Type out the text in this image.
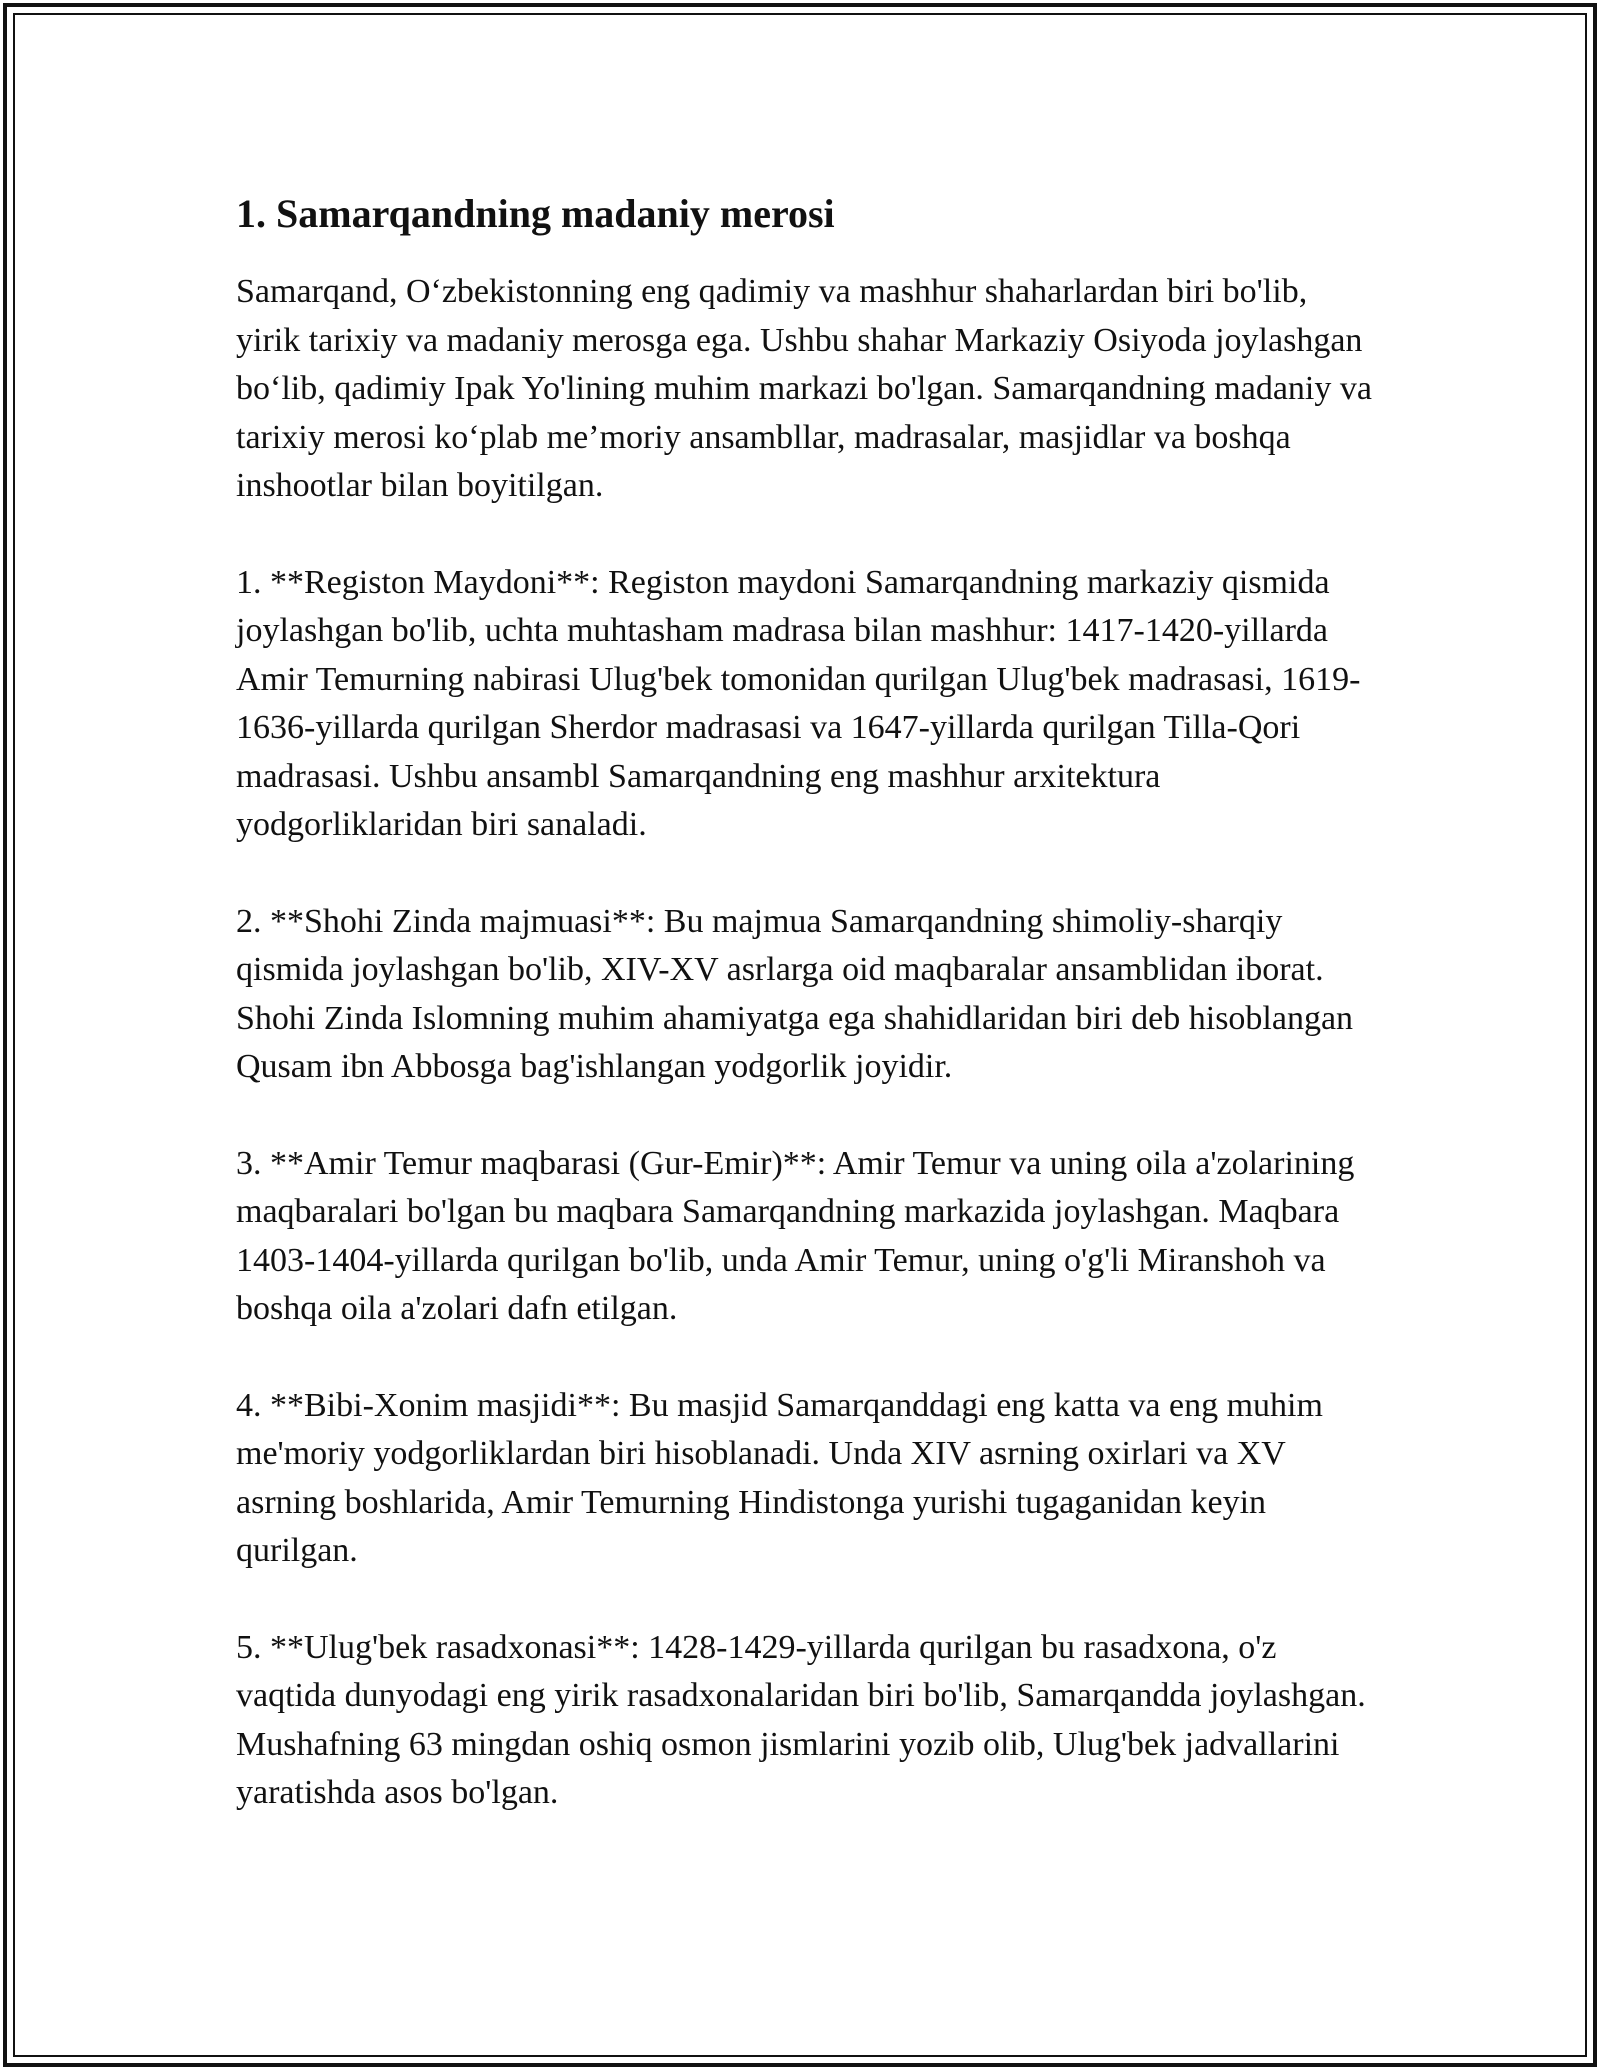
1. Samarqandning madaniy merosi

Samarqand, O‘zbekistonning eng qadimiy va mashhur shaharlardan biri bo'lib, yirik tarixiy va madaniy merosga ega. Ushbu shahar Markaziy Osiyoda joylashgan bo‘lib, qadimiy Ipak Yo'lining muhim markazi bo'lgan. Samarqandning madaniy va tarixiy merosi ko‘plab me’moriy ansambllar, madrasalar, masjidlar va boshqa inshootlar bilan boyitilgan.

1. **Registon Maydoni**: Registon maydoni Samarqandning markaziy qismida joylashgan bo'lib, uchta muhtasham madrasa bilan mashhur: 1417-1420-yillarda Amir Temurning nabirasi Ulug'bek tomonidan qurilgan Ulug'bek madrasasi, 1619-1636-yillarda qurilgan Sherdor madrasasi va 1647-yillarda qurilgan Tilla-Qori madrasasi. Ushbu ansambl Samarqandning eng mashhur arxitektura yodgorliklaridan biri sanaladi.

2. **Shohi Zinda majmuasi**: Bu majmua Samarqandning shimoliy-sharqiy qismida joylashgan bo'lib, XIV-XV asrlarga oid maqbaralar ansamblidan iborat. Shohi Zinda Islomning muhim ahamiyatga ega shahidlaridan biri deb hisoblangan Qusam ibn Abbosga bag'ishlangan yodgorlik joyidir.

3. **Amir Temur maqbarasi (Gur-Emir)**: Amir Temur va uning oila a'zolarining maqbaralari bo'lgan bu maqbara Samarqandning markazida joylashgan. Maqbara 1403-1404-yillarda qurilgan bo'lib, unda Amir Temur, uning o'g'li Miranshoh va boshqa oila a'zolari dafn etilgan.

4. **Bibi-Xonim masjidi**: Bu masjid Samarqanddagi eng katta va eng muhim me'moriy yodgorliklardan biri hisoblanadi. Unda XIV asrning oxirlari va XV asrning boshlarida, Amir Temurning Hindistonga yurishi tugaganidan keyin qurilgan.

5. **Ulug'bek rasadxonasi**: 1428-1429-yillarda qurilgan bu rasadxona, o'z vaqtida dunyodagi eng yirik rasadxonalaridan biri bo'lib, Samarqandda joylashgan. Mushafning 63 mingdan oshiq osmon jismlarini yozib olib, Ulug'bek jadvallarini yaratishda asos bo'lgan.
